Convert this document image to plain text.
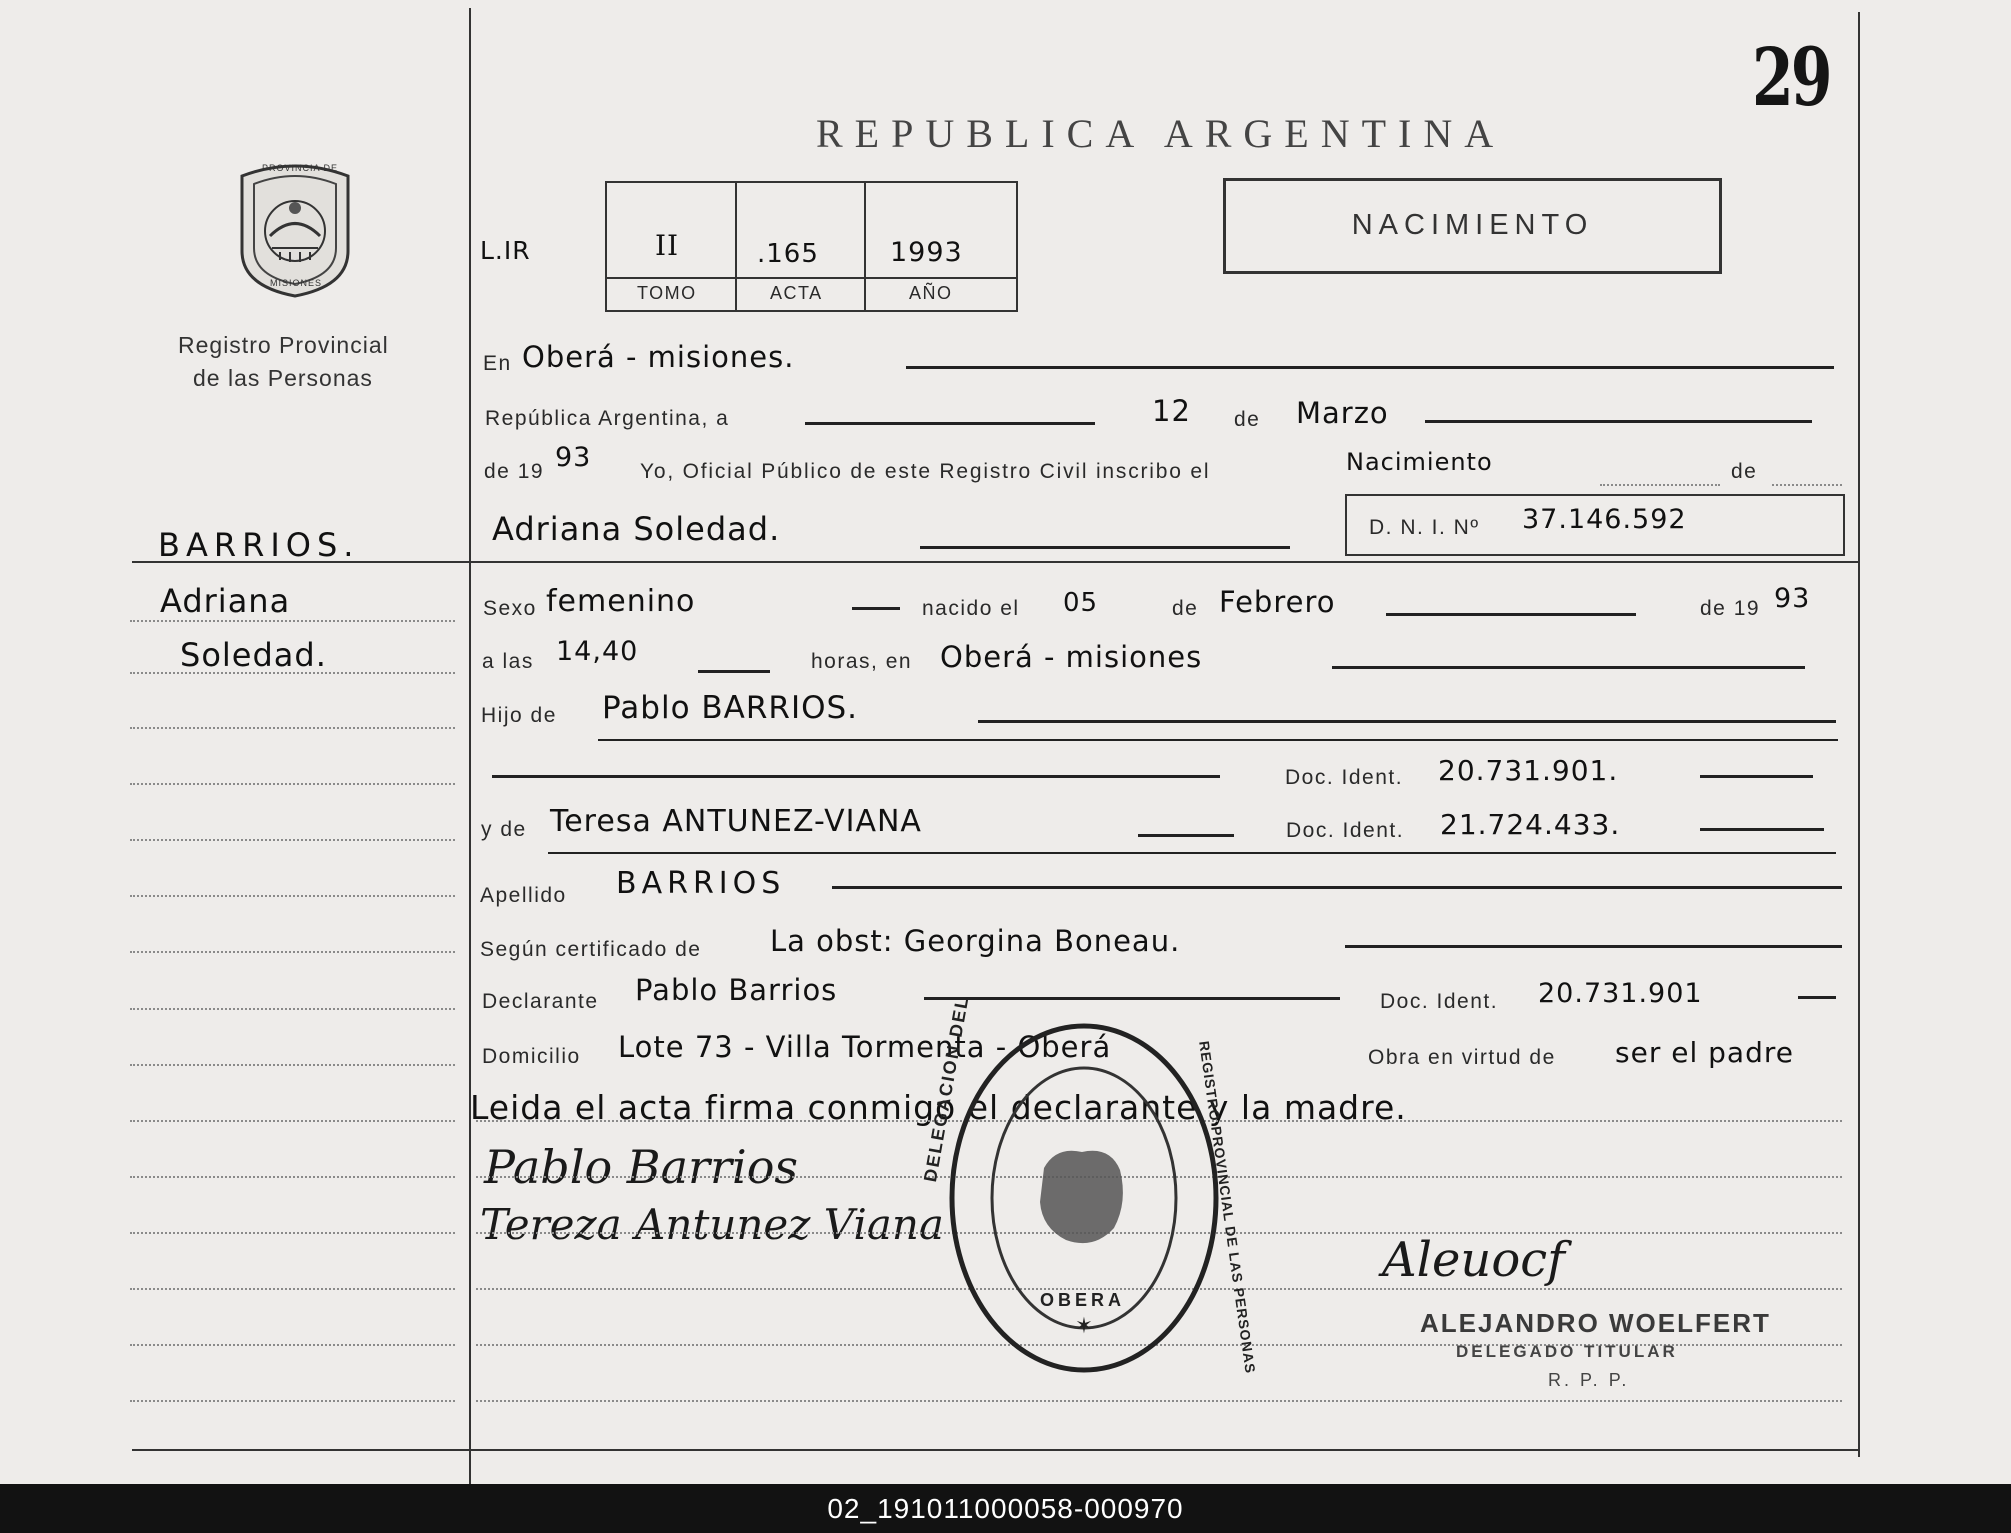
29
REPUBLICA ARGENTINA
NACIMIENTO
PROVINCIA DE
MISIONES
Registro Provincial
de las Personas
L.IR	II	.165	1993
TOMO	ACTA	AÑO
BARRIOS.
Adriana
Soledad.
En Oberá - misiones.
República Argentina, a	12 de Marzo
de 19 93 Yo, Oficial Público de este Registro Civil inscribo el	Nacimiento	de
Adriana Soledad.	D. N. I. Nº 37.146.592
Sexo femenino	nacido el 05	de Febrero	de 19 93
a las 14,40	horas, en Oberá - misiones
Hijo de Pablo BARRIOS.
Doc. Ident. 20.731.901.
y de Teresa ANTUNEZ-VIANA	Doc. Ident. 21.724.433.
Apellido BARRIOS
Según certificado de La obst: Georgina Boneau.
Declarante Pablo Barrios	Doc. Ident. 20.731.901
Domicilio Lote 73 - Villa Tormenta - Oberá	Obra en virtud de ser el padre
Leida el acta firma conmigo el declarante y la madre.
Pablo Barrios
Tereza Antunez Viana
✶
DELEGACION DEL	REGISTRO PROVINCIAL DE LAS PERSONAS
OBERA
Aleuocf
ALEJANDRO WOELFERT
DELEGADO TITULAR
R. P. P.
02_191011000058-000970
